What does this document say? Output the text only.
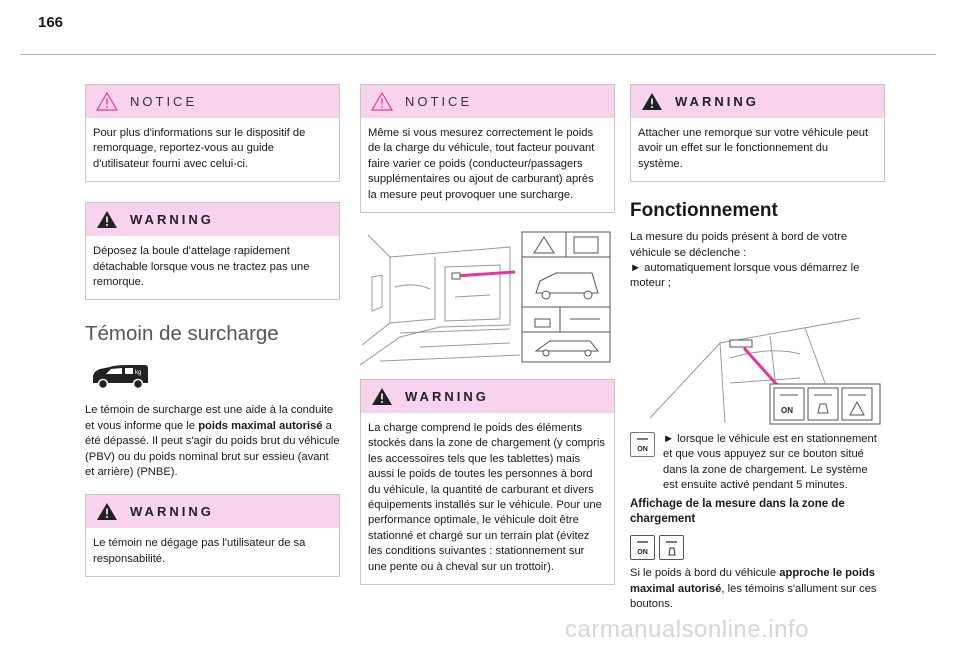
166
NOTICE
Pour plus d'informations sur le dispositif de remorquage, reportez-vous au guide d'utilisateur fourni avec celui-ci.
WARNING
Déposez la boule d'attelage rapidement détachable lorsque vous ne tractez pas une remorque.
Témoin de surcharge
kg
Le témoin de surcharge est une aide à la conduite et vous informe que le poids maximal autorisé a été dépassé. Il peut s'agir du poids brut du véhicule (PBV) ou du poids nominal brut sur essieu (avant et arrière) (PNBE).
WARNING
Le témoin ne dégage pas l'utilisateur de sa responsabilité.
NOTICE
Même si vous mesurez correctement le poids de la charge du véhicule, tout facteur pouvant faire varier ce poids (conducteur/passagers supplémentaires ou ajout de carburant) après la mesure peut provoquer une surcharge.
WARNING
La charge comprend le poids des éléments stockés dans la zone de chargement (y compris les accessoires tels que les tablettes) mais aussi le poids de toutes les personnes à bord du véhicule, la quantité de carburant et divers équipements installés sur le véhicule. Pour une performance optimale, le véhicule doit être stationné et chargé sur un terrain plat (évitez les conditions suivantes : stationnement sur une pente ou à cheval sur un trottoir).
WARNING
Attacher une remorque sur votre véhicule peut avoir un effet sur le fonctionnement du système.
Fonctionnement
La mesure du poids présent à bord de votre véhicule se déclenche :
► automatiquement lorsque vous démarrez le moteur ;
ON
ON
► lorsque le véhicule est en stationnement et que vous appuyez sur ce bouton situé dans la zone de chargement. Le système est ensuite activé pendant 5 minutes.
Affichage de la mesure dans la zone de chargement
ON
Si le poids à bord du véhicule approche le poids maximal autorisé, les témoins s'allument sur ces boutons.
carmanualsonline.info
